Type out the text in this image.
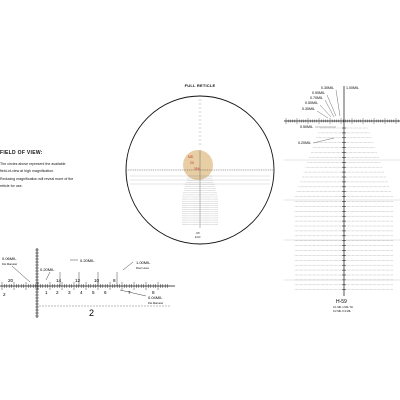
MD
2X
35X
3/8
ECR
0.06MIL
Dot Diameter
0.20MIL
0.20MIL
1.00MIL
Floor Lines
0.04MIL
Dot Diameter
20	14	12	10	8
2	1 2 3 4 5 6	7	8
2
0.30MIL	1.00MIL
0.90MIL
0.70MIL
0.50MIL
0.30MIL
0.50MIL
0.20MIL
H-59
0.1 MIL 1 MIL TH
0.2 MIL 0.3 MIL
FULL RETICLE
FIELD OF VIEW:
The circles above represent the available
field-of-view at high magnification.
Reducing magnification will reveal more of the
reticle for use.
